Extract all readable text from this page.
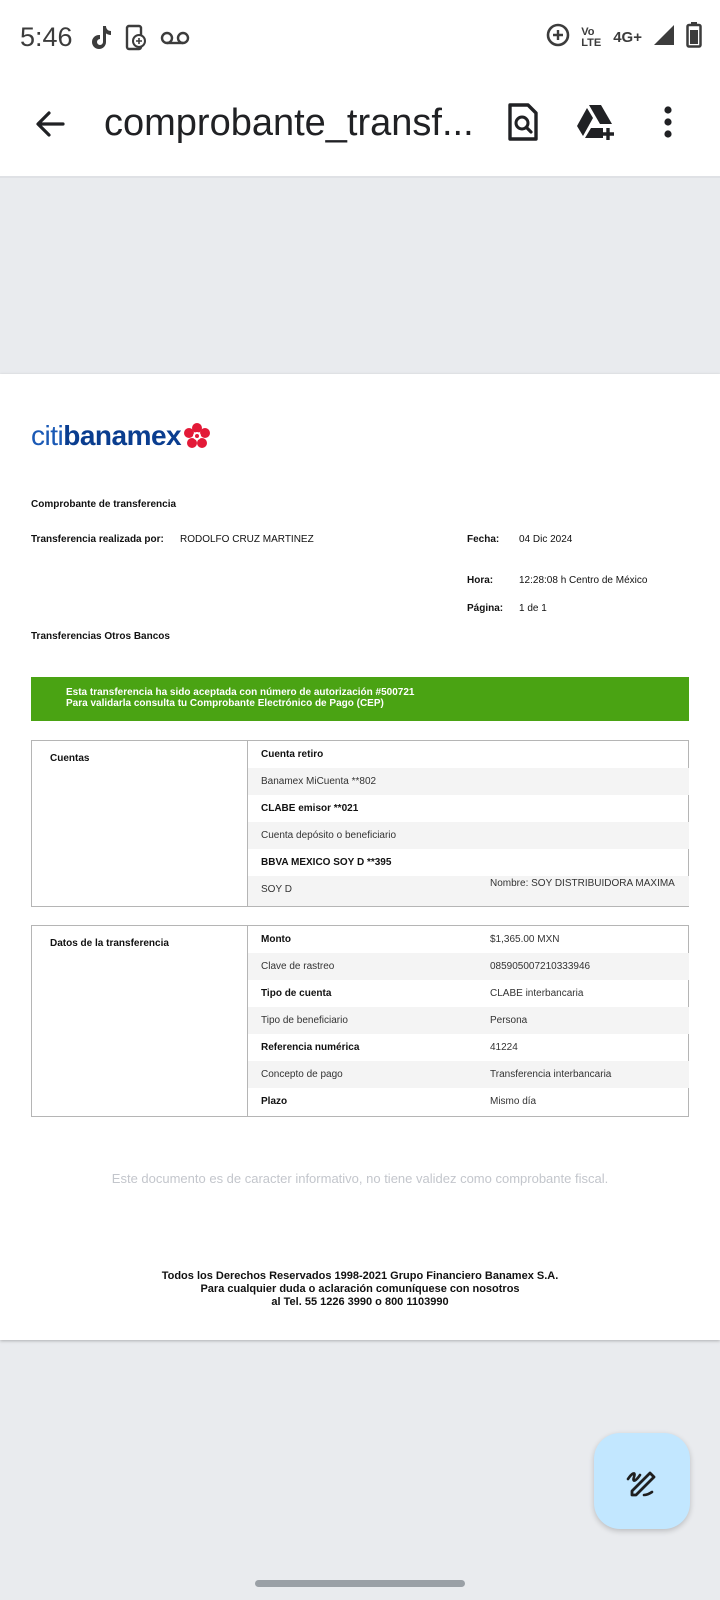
5:46	Vo
LTE 4G+
comprobante_transf...
citibanamex
Comprobante de transferencia
Transferencia realizada por: RODOLFO CRUZ MARTINEZ	Fecha: 04 Dic 2024
Hora:	12:28:08 h Centro de México
Página: 1 de 1
Transferencias Otros Bancos
Esta transferencia ha sido aceptada con número de autorización #500721
Para validarla consulta tu Comprobante Electrónico de Pago (CEP)
Cuentas	Cuenta retiro
Banamex MiCuenta **802
CLABE emisor **021
Cuenta depósito o beneficiario
BBVA MEXICO SOY D **395
SOY D
Nombre: SOY DISTRIBUIDORA MAXIMA
Datos de la transferencia	Monto	$1,365.00 MXN
Clave de rastreo	085905007210333946
Tipo de cuenta	CLABE interbancaria
Tipo de beneficiario	Persona
Referencia numérica	41224
Concepto de pago	Transferencia interbancaria
Plazo	Mismo día
Este documento es de caracter informativo, no tiene validez como comprobante fiscal.
Todos los Derechos Reservados 1998-2021 Grupo Financiero Banamex S.A.
Para cualquier duda o aclaración comuníquese con nosotros
al Tel. 55 1226 3990 o 800 1103990
